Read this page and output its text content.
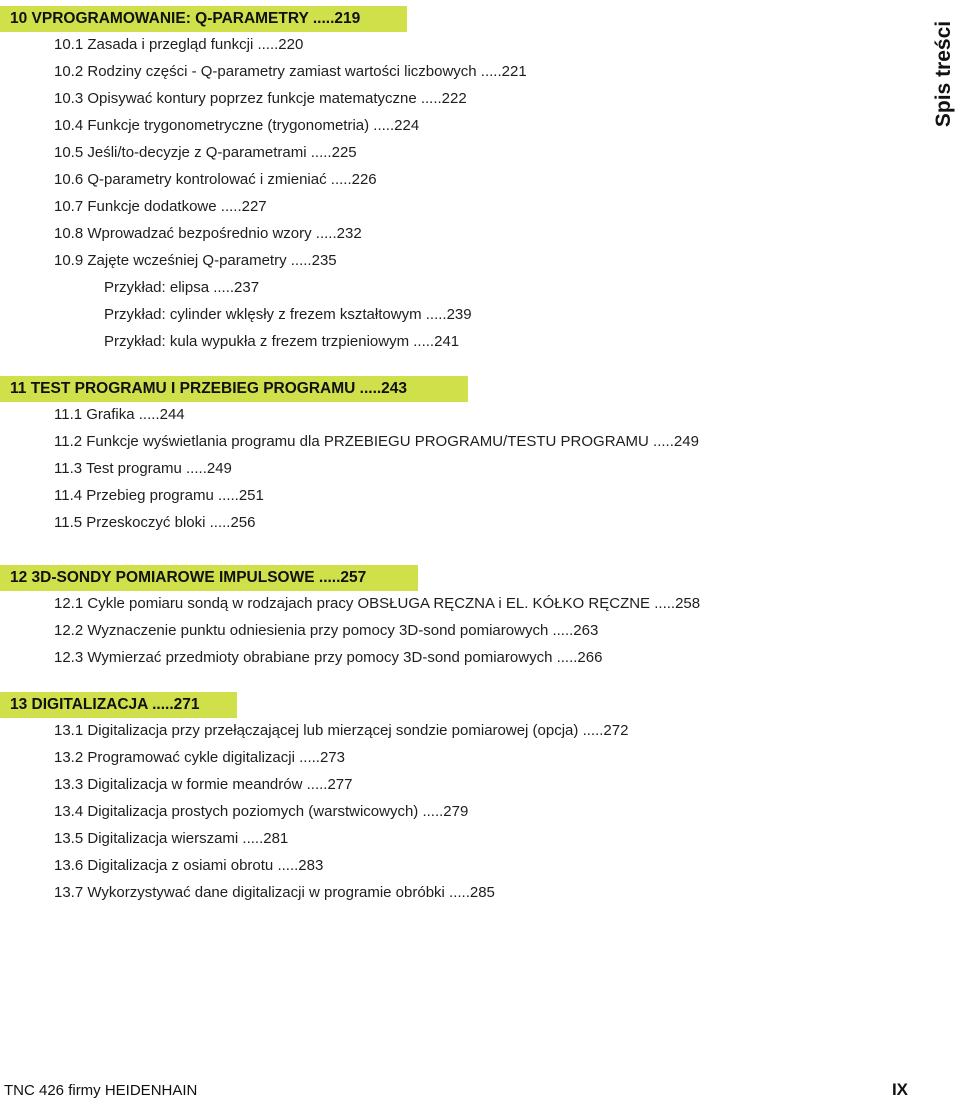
Spis treści
10 VPROGRAMOWANIE: Q-PARAMETRY .....219
10.1 Zasada i przegląd funkcji .....220
10.2 Rodziny części - Q-parametry zamiast wartości liczbowych .....221
10.3 Opisywać kontury poprzez funkcje matematyczne .....222
10.4 Funkcje trygonometryczne (trygonometria) .....224
10.5 Jeśli/to-decyzje z Q-parametrami .....225
10.6 Q-parametry kontrolować i zmieniać .....226
10.7 Funkcje dodatkowe .....227
10.8 Wprowadzać bezpośrednio wzory .....232
10.9 Zajęte wcześniej Q-parametry .....235
Przykład: elipsa .....237
Przykład: cylinder wklęsły z frezem kształtowym .....239
Przykład: kula wypukła z frezem trzpieniowym .....241
11 TEST PROGRAMU I PRZEBIEG PROGRAMU .....243
11.1 Grafika .....244
11.2 Funkcje wyświetlania programu dla PRZEBIEGU PROGRAMU/TESTU PROGRAMU .....249
11.3 Test programu .....249
11.4 Przebieg programu .....251
11.5 Przeskoczyć bloki .....256
12 3D-SONDY POMIAROWE IMPULSOWE .....257
12.1 Cykle pomiaru sondą w rodzajach pracy OBSŁUGA RĘCZNA i EL. KÓŁKO RĘCZNE .....258
12.2 Wyznaczenie punktu odniesienia przy pomocy 3D-sond pomiarowych .....263
12.3 Wymierzać przedmioty obrabiane przy pomocy 3D-sond pomiarowych .....266
13 DIGITALIZACJA .....271
13.1 Digitalizacja przy przełączającej lub mierzącej sondzie pomiarowej (opcja) .....272
13.2 Programować cykle digitalizacji .....273
13.3 Digitalizacja w formie meandrów .....277
13.4 Digitalizacja prostych poziomych (warstwicowych) .....279
13.5 Digitalizacja wierszami .....281
13.6 Digitalizacja z osiami obrotu .....283
13.7 Wykorzystywać dane digitalizacji w programie obróbki .....285
TNC 426 firmy HEIDENHAIN	IX
